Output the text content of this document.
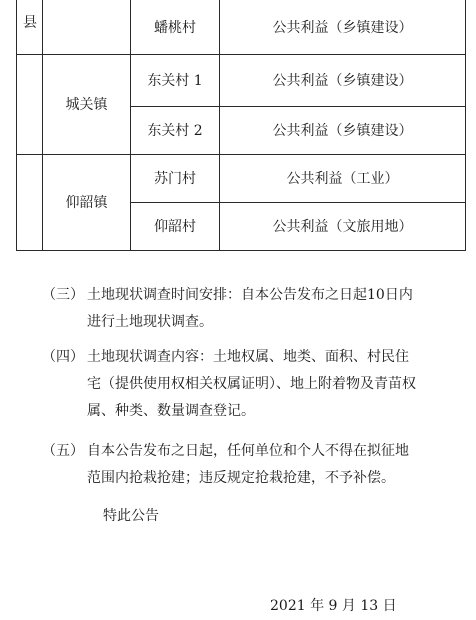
县		蟠桃村	公共利益（乡镇建设）
	城关镇	东关村 1	公共利益（乡镇建设）
		东关村 2	公共利益（乡镇建设）
	仰韶镇	苏门村	公共利益（工业）
		仰韶村	公共利益（文旅用地）
（三） 土地现状调查时间安排：自本公告发布之日起10日内
进行土地现状调查。
（四） 土地现状调查内容：土地权属、地类、面积、村民住
宅（提供使用权相关权属证明）、地上附着物及青苗权
属、种类、数量调查登记。
（五） 自本公告发布之日起，任何单位和个人不得在拟征地
范围内抢栽抢建；违反规定抢栽抢建，不予补偿。
特此公告
2021 年 9 月 13 日
